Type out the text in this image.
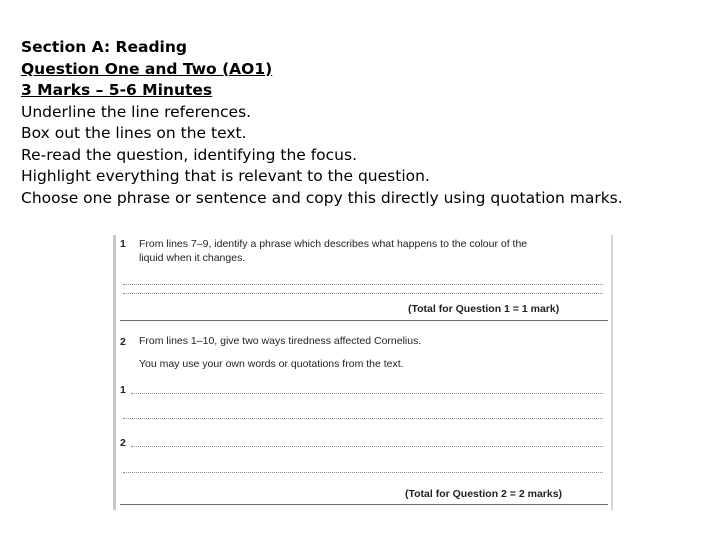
Section A: Reading
Question One and Two (AO1)
3 Marks – 5-6 Minutes
Underline the line references.
Box out the lines on the text.
Re-read the question, identifying the focus.
Highlight everything that is relevant to the question.
Choose one phrase or sentence and copy this directly using quotation marks.
1 From lines 7–9, identify a phrase which describes what happens to the colour of the
liquid when it changes.
(Total for Question 1 = 1 mark)
2 From lines 1–10, give two ways tiredness affected Cornelius.
You may use your own words or quotations from the text.
1
2
(Total for Question 2 = 2 marks)
